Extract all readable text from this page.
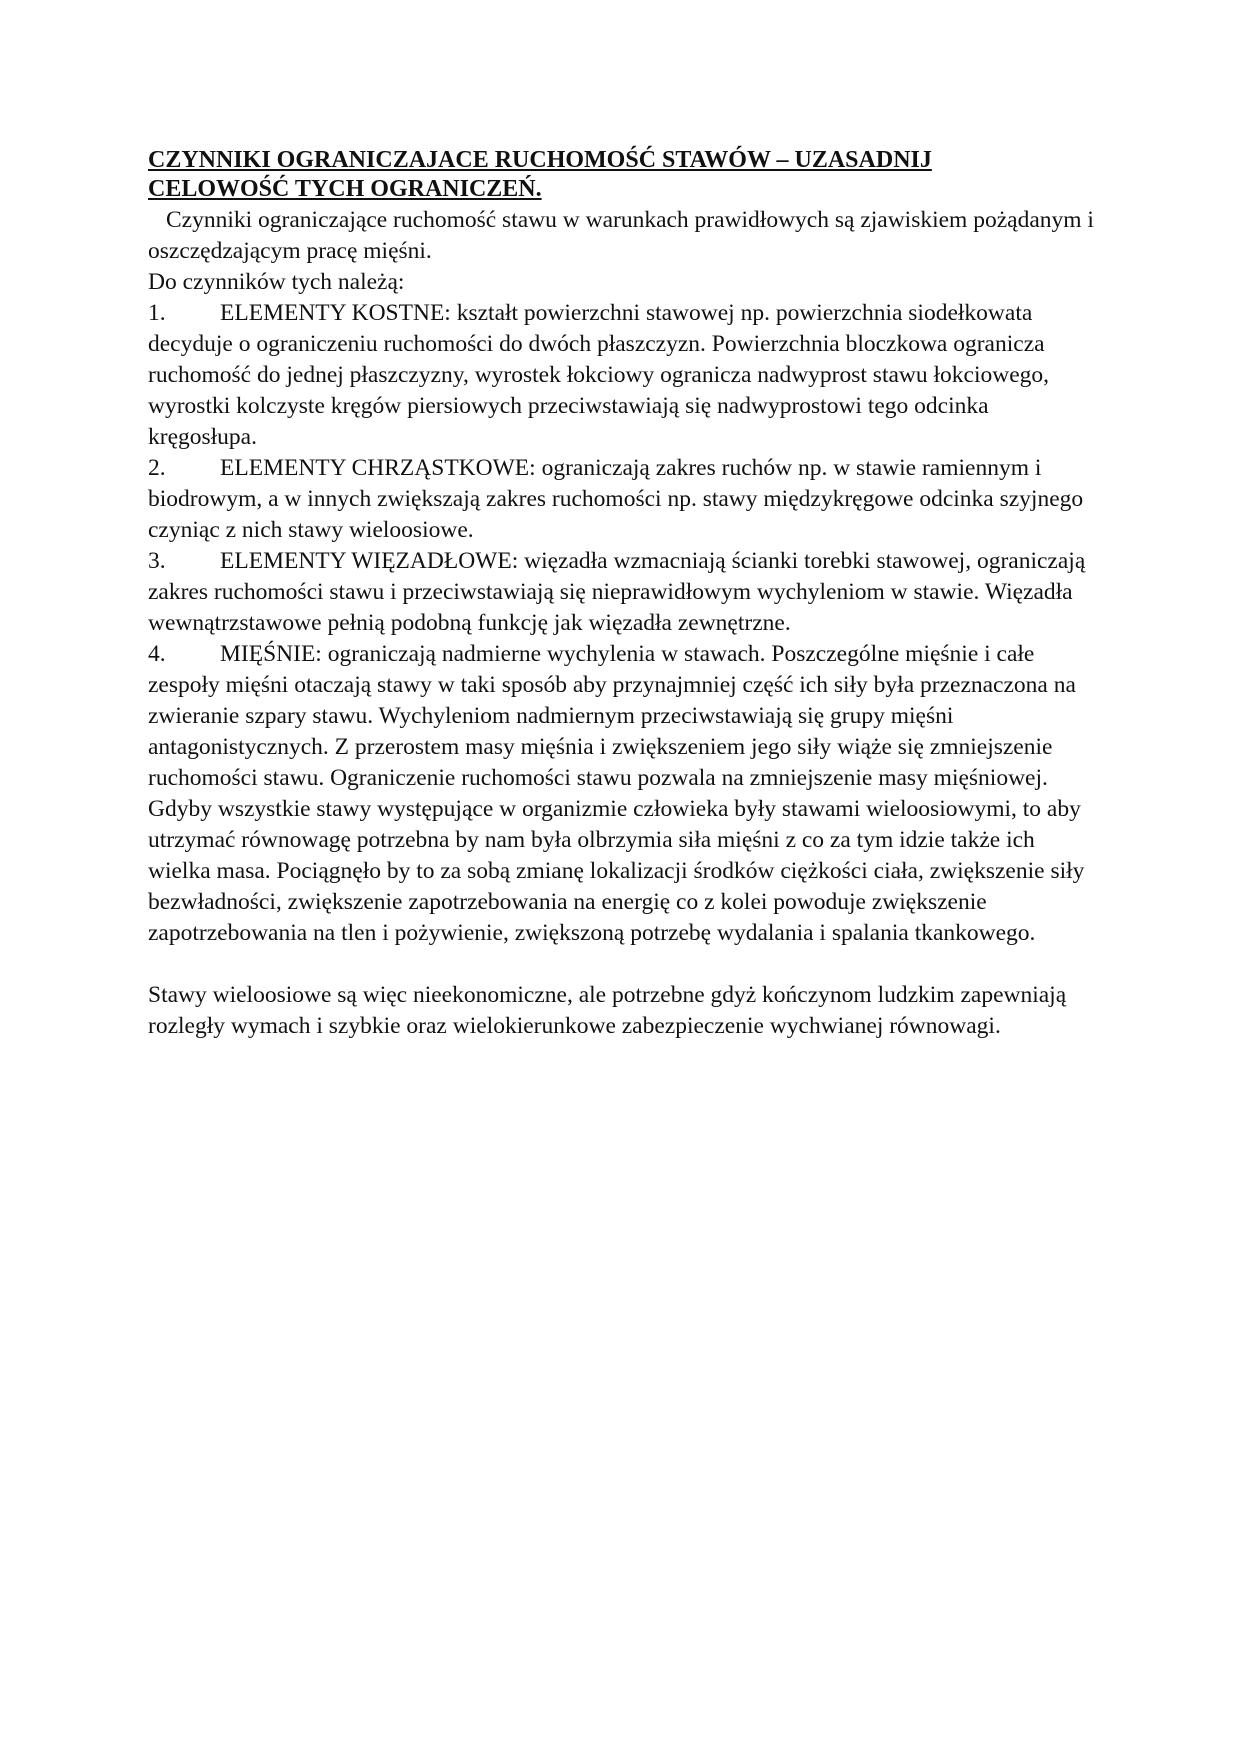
CZYNNIKI OGRANICZAJACE RUCHOMOŚĆ STAWÓW – UZASADNIJ
CELOWOŚĆ TYCH OGRANICZEŃ.

Czynniki ograniczające ruchomość stawu w warunkach prawidłowych są zjawiskiem pożądanym i oszczędzającym pracę mięśni.

Do czynników tych należą:

1. ELEMENTY KOSTNE: kształt powierzchni stawowej np. powierzchnia siodełkowata decyduje o ograniczeniu ruchomości do dwóch płaszczyzn. Powierzchnia bloczkowa ogranicza ruchomość do jednej płaszczyzny, wyrostek łokciowy ogranicza nadwyprost stawu łokciowego, wyrostki kolczyste kręgów piersiowych przeciwstawiają się nadwyprostowi tego odcinka kręgosłupa.

2. ELEMENTY CHRZĄSTKOWE: ograniczają zakres ruchów np. w stawie ramiennym i biodrowym, a w innych zwiększają zakres ruchomości np. stawy międzykręgowe odcinka szyjnego czyniąc z nich stawy wieloosiowe.

3. ELEMENTY WIĘZADŁOWE: więzadła wzmacniają ścianki torebki stawowej, ograniczają zakres ruchomości stawu i przeciwstawiają się nieprawidłowym wychyleniom w stawie. Więzadła wewnątrzstawowe pełnią podobną funkcję jak więzadła zewnętrzne.

4. MIĘŚNIE: ograniczają nadmierne wychylenia w stawach. Poszczególne mięśnie i całe zespoły mięśni otaczają stawy w taki sposób aby przynajmniej część ich siły była przeznaczona na zwieranie szpary stawu. Wychyleniom nadmiernym przeciwstawiają się grupy mięśni antagonistycznych. Z przerostem masy mięśnia i zwiększeniem jego siły wiąże się zmniejszenie ruchomości stawu. Ograniczenie ruchomości stawu pozwala na zmniejszenie masy mięśniowej. Gdyby wszystkie stawy występujące w organizmie człowieka były stawami wieloosiowymi, to aby utrzymać równowagę potrzebna by nam była olbrzymia siła mięśni z co za tym idzie także ich wielka masa. Pociągnęło by to za sobą zmianę lokalizacji środków ciężkości ciała, zwiększenie siły bezwładności, zwiększenie zapotrzebowania na energię co z kolei powoduje zwiększenie zapotrzebowania na tlen i pożywienie, zwiększoną potrzebę wydalania i spalania tkankowego.

Stawy wieloosiowe są więc nieekonomiczne, ale potrzebne gdyż kończynom ludzkim zapewniają rozległy wymach i szybkie oraz wielokierunkowe zabezpieczenie wychwianej równowagi.
